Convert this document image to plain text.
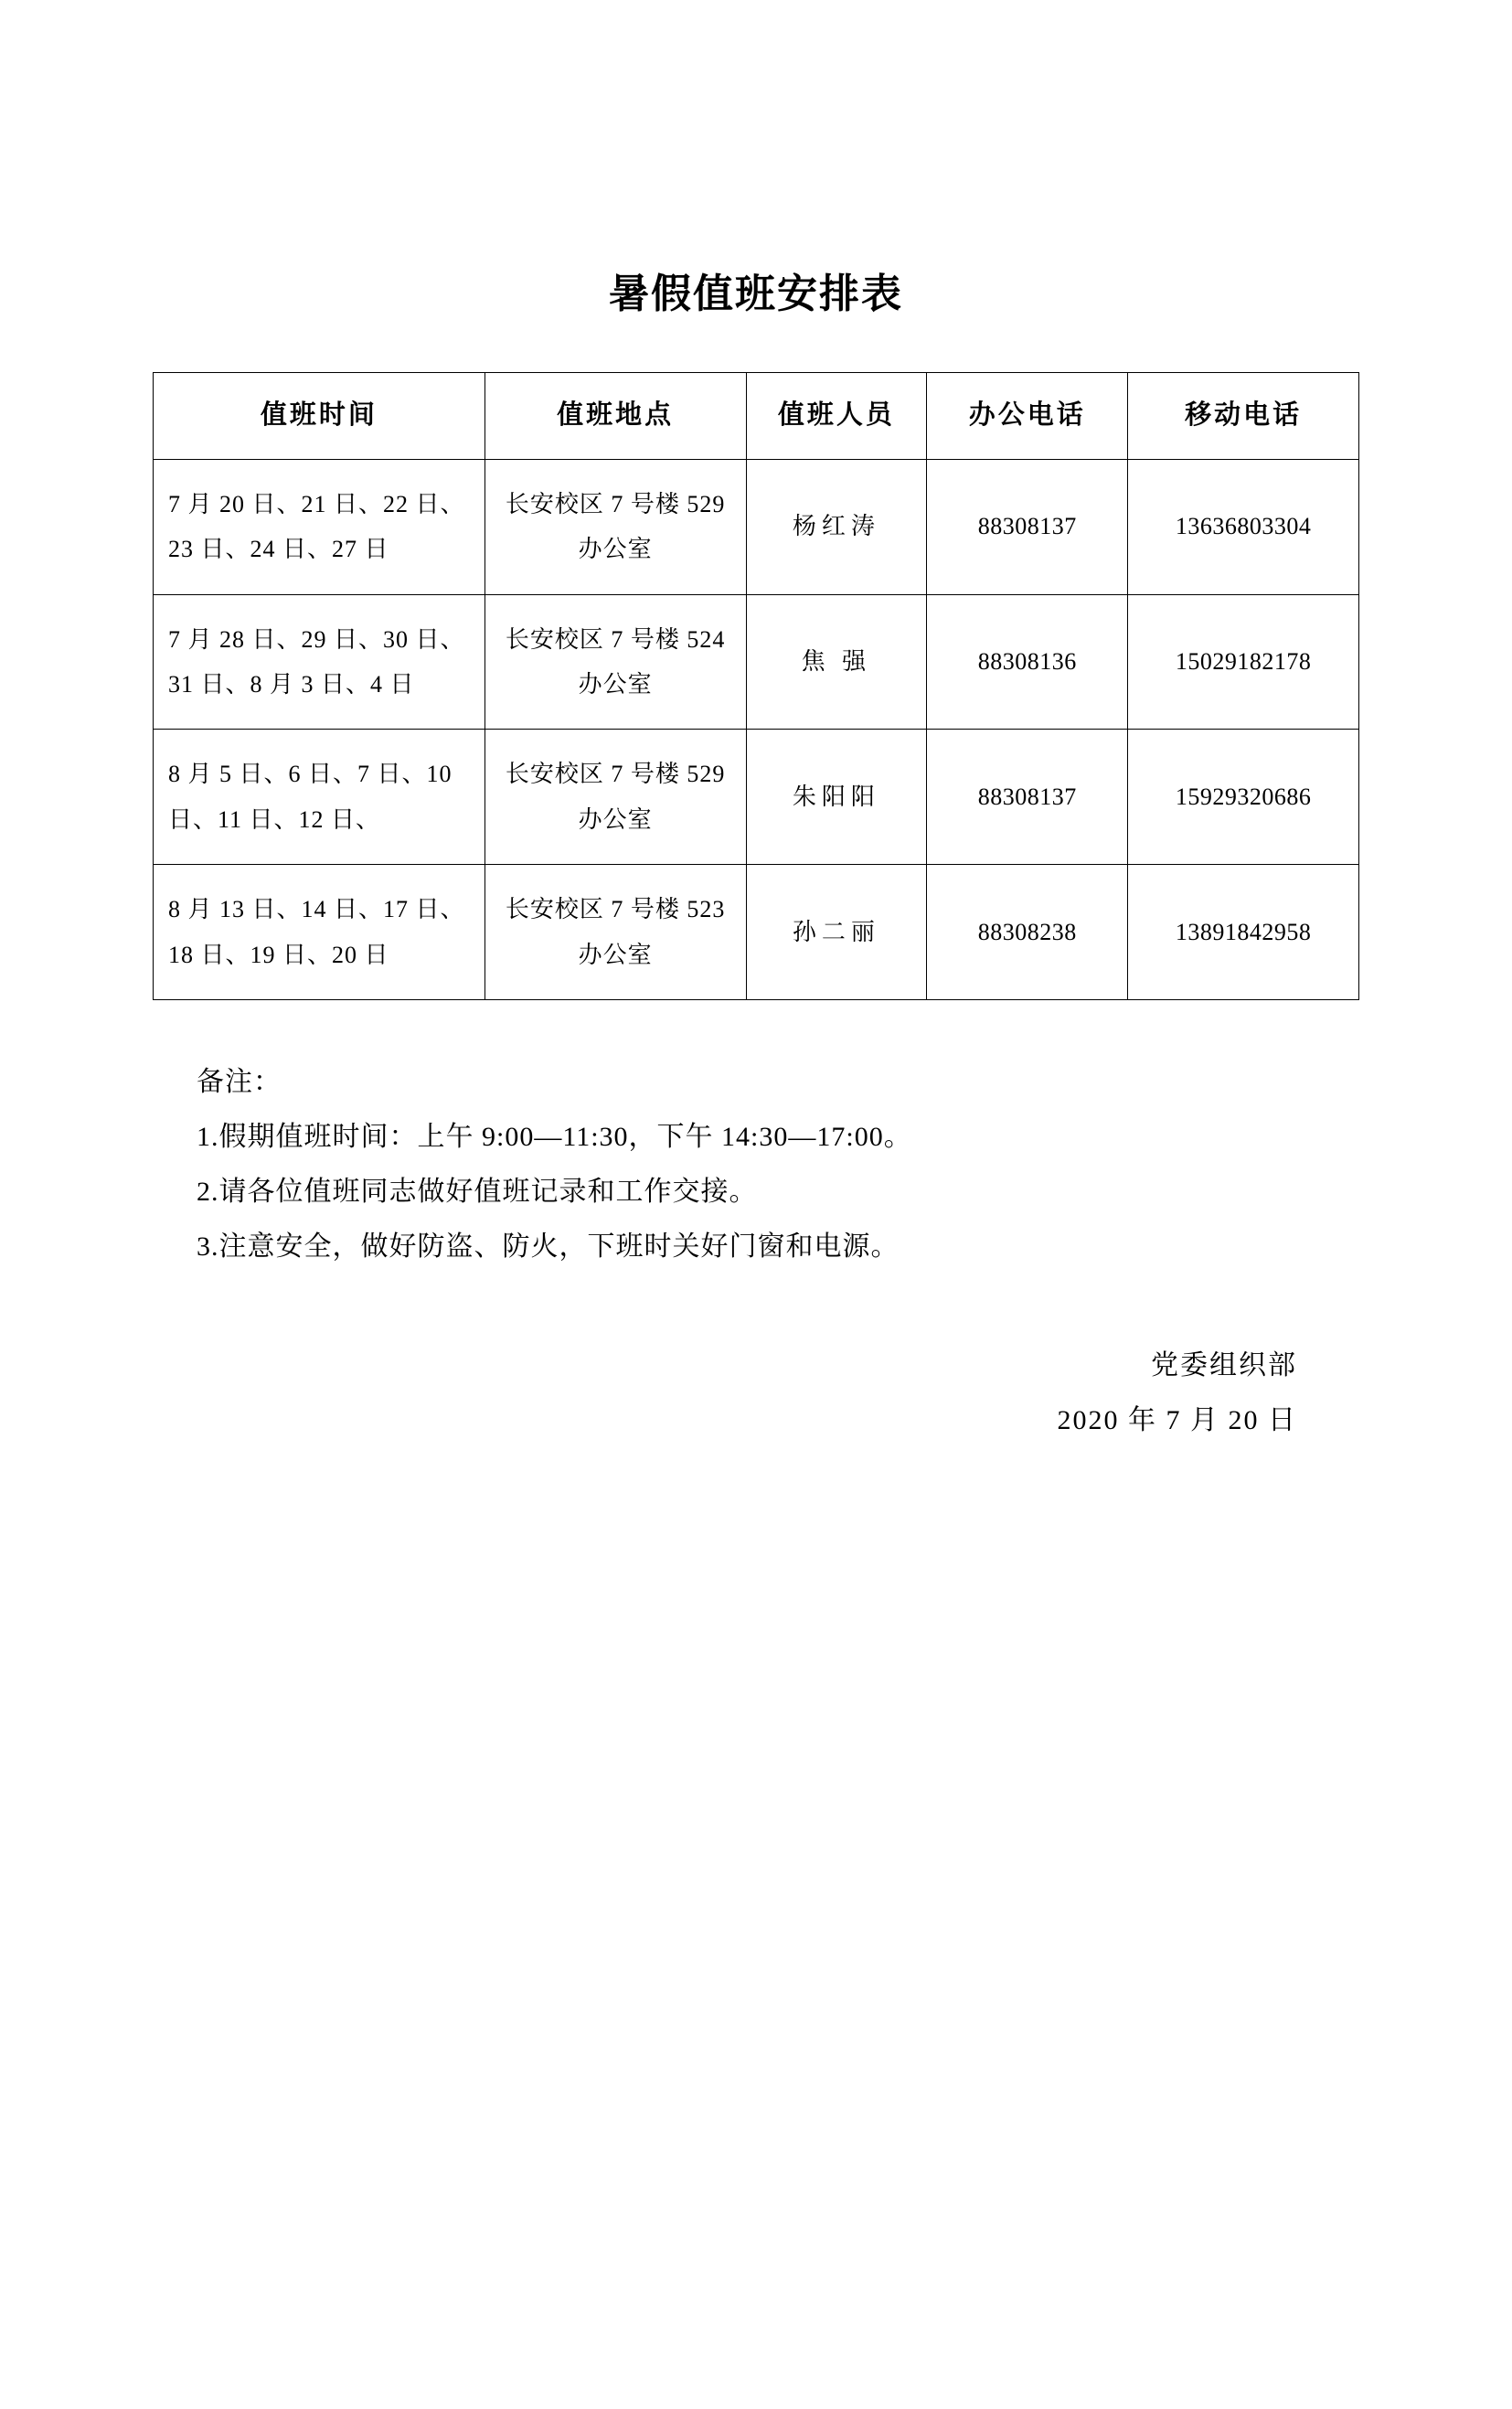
暑假值班安排表
值班时间	值班地点	值班人员	办公电话	移动电话
7 月 20 日、21 日、22 日、23 日、24 日、27 日	长安校区 7 号楼 529 办公室	杨红涛	88308137	13636803304
7 月 28 日、29 日、30 日、31 日、8 月 3 日、4 日	长安校区 7 号楼 524 办公室	焦 强	88308136	15029182178
8 月 5 日、6 日、7 日、10 日、11 日、12 日、	长安校区 7 号楼 529 办公室	朱阳阳	88308137	15929320686
8 月 13 日、14 日、17 日、18 日、19 日、20 日	长安校区 7 号楼 523 办公室	孙二丽	88308238	13891842958
备注：
1.假期值班时间：上午 9:00—11:30，下午 14:30—17:00。
2.请各位值班同志做好值班记录和工作交接。
3.注意安全，做好防盗、防火，下班时关好门窗和电源。
党委组织部
2020 年 7 月 20 日
